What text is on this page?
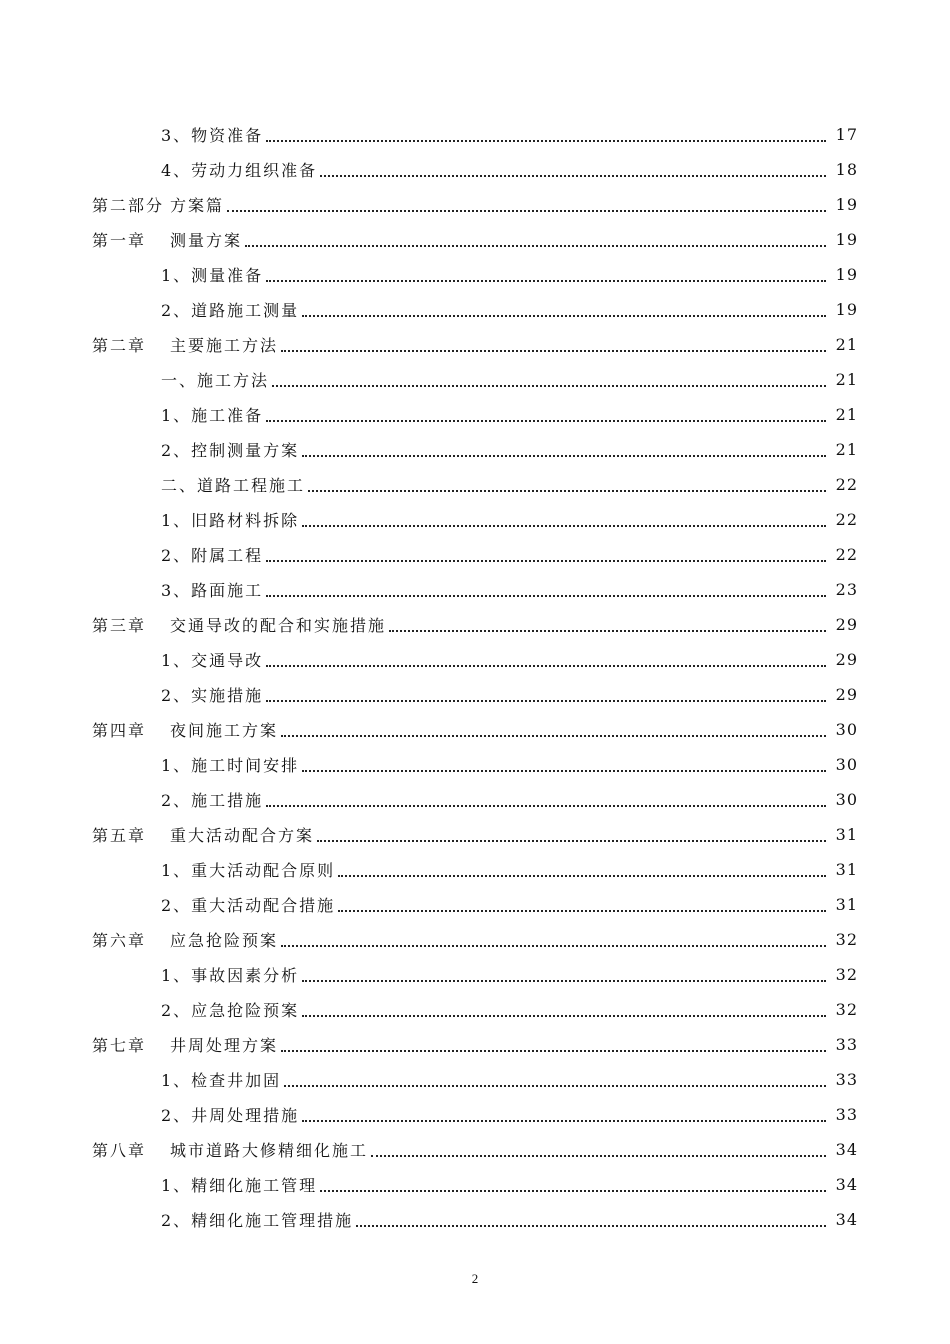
3、物资准备	17
4、劳动力组织准备	18
第二部分 方案篇	19
第一章	测量方案	19
1、测量准备	19
2、道路施工测量	19
第二章	主要施工方法	21
一、施工方法	21
1、施工准备	21
2、控制测量方案	21
二、道路工程施工	22
1、旧路材料拆除	22
2、附属工程	22
3、路面施工	23
第三章	交通导改的配合和实施措施	29
1、交通导改	29
2、实施措施	29
第四章	夜间施工方案	30
1、施工时间安排	30
2、施工措施	30
第五章	重大活动配合方案	31
1、重大活动配合原则	31
2、重大活动配合措施	31
第六章	应急抢险预案	32
1、事故因素分析	32
2、应急抢险预案	32
第七章	井周处理方案	33
1、检查井加固	33
2、井周处理措施	33
第八章	城市道路大修精细化施工	34
1、精细化施工管理	34
2、精细化施工管理措施	34
2
